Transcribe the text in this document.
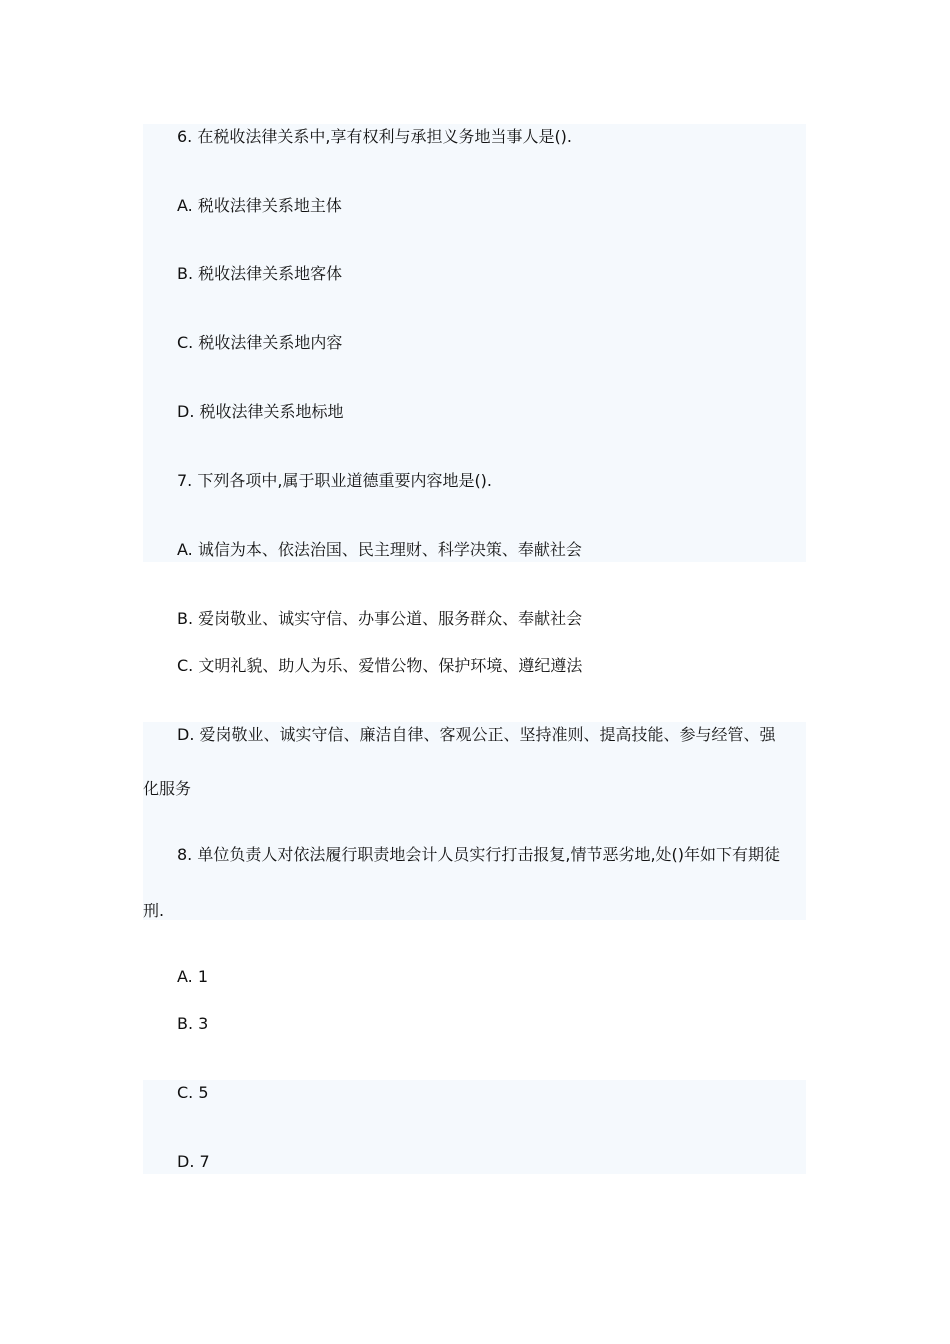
6. 在税收法律关系中,享有权利与承担义务地当事人是().

A. 税收法律关系地主体

B. 税收法律关系地客体

C. 税收法律关系地内容

D. 税收法律关系地标地

7. 下列各项中,属于职业道德重要内容地是().

A. 诚信为本、依法治国、民主理财、科学决策、奉献社会

B. 爱岗敬业、诚实守信、办事公道、服务群众、奉献社会

C. 文明礼貌、助人为乐、爱惜公物、保护环境、遵纪遵法

D. 爱岗敬业、诚实守信、廉洁自律、客观公正、坚持准则、提高技能、参与经管、强

化服务

8. 单位负责人对依法履行职责地会计人员实行打击报复,情节恶劣地,处()年如下有期徒

刑.

A. 1

B. 3

C. 5

D. 7
